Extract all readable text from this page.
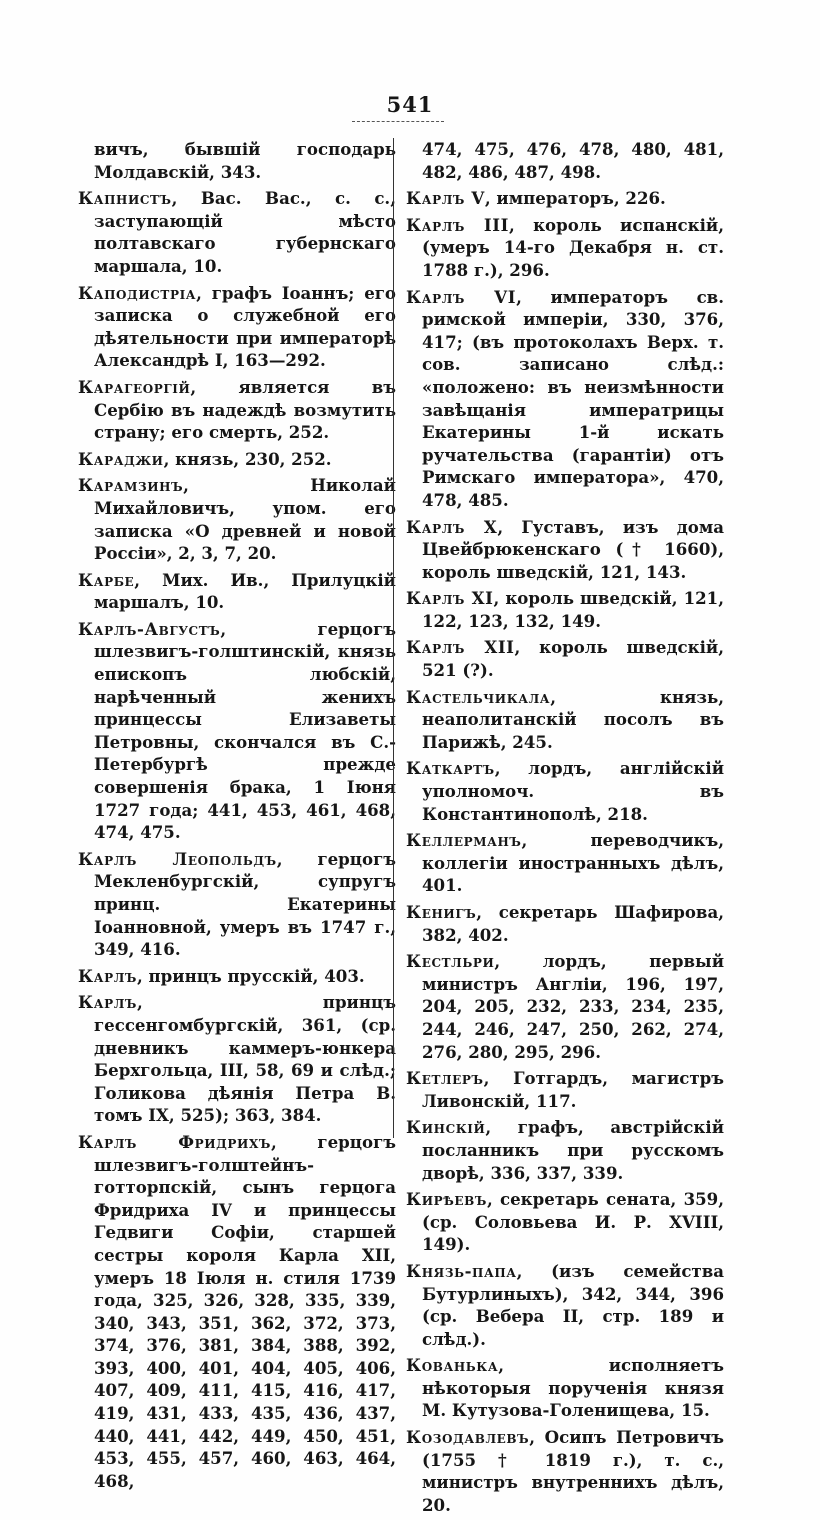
541

вичъ, бывшій господарь Молдавскій, 343.

Капнистъ, Вас. Вас., с. с., заступающій мѣсто полтавскаго губернскаго маршала, 10.

Каподистріа, графъ Іоаннъ; его записка о служебной его дѣятельности при императорѣ Александрѣ I, 163—292.

Карагеоргій, является въ Сербію въ надеждѣ возмутить страну; его смерть, 252.

Караджи, князь, 230, 252.

Карамзинъ, Николай Михайловичъ, упом. его записка «О древней и новой Россіи», 2, 3, 7, 20.

Карбе, Мих. Ив., Прилуцкій маршалъ, 10.

Карлъ-Августъ, герцогъ шлезвигъ-голштинскій, князь епископъ любскій, нарѣченный женихъ принцессы Елизаветы Петровны, скончался въ С.-Петербургѣ прежде совершенія брака, 1 Іюня 1727 года; 441, 453, 461, 468, 474, 475.

Карлъ Леопольдъ, герцогъ Мекленбургскій, супругъ принц. Екатерины Іоанновной, умеръ въ 1747 г., 349, 416.

Карлъ, принцъ прусскій, 403.

Карлъ, принцъ гессенгомбургскій, 361, (ср. дневникъ каммеръ-юнкера Берхгольца, III, 58, 69 и слѣд.; Голикова дѣянія Петра В. томъ IX, 525); 363, 384.

Карлъ Фридрихъ, герцогъ шлезвигъ-голштейнъ-готторпскій, сынъ герцога Фридриха IV и принцессы Гедвиги Софіи, старшей сестры короля Карла XII, умеръ 18 Іюля н. стиля 1739 года, 325, 326, 328, 335, 339, 340, 343, 351, 362, 372, 373, 374, 376, 381, 384, 388, 392, 393, 400, 401, 404, 405, 406, 407, 409, 411, 415, 416, 417, 419, 431, 433, 435, 436, 437, 440, 441, 442, 449, 450, 451, 453, 455, 457, 460, 463, 464, 468,

474, 475, 476, 478, 480, 481, 482, 486, 487, 498.

Карлъ V, императоръ, 226.

Карлъ III, король испанскій, (умеръ 14-го Декабря н. ст. 1788 г.), 296.

Карлъ VI, императоръ св. римской имперіи, 330, 376, 417; (въ протоколахъ Верх. т. сов. записано слѣд.: «положено: въ неизмѣнности завѣщанія императрицы Екатерины 1-й искать ручательства (гарантіи) отъ Римскаго императора», 470, 478, 485.

Карлъ X, Густавъ, изъ дома Цвейбрюкенскаго († 1660), король шведскій, 121, 143.

Карлъ XI, король шведскій, 121, 122, 123, 132, 149.

Карлъ XII, король шведскій, 521 (?).

Кастельчикала, князь, неаполитанскій посолъ въ Парижѣ, 245.

Каткартъ, лордъ, англійскій уполномоч. въ Константинополѣ, 218.

Келлерманъ, переводчикъ, коллегіи иностранныхъ дѣлъ, 401.

Кенигъ, секретарь Шафирова, 382, 402.

Кестльри, лордъ, первый министръ Англіи, 196, 197, 204, 205, 232, 233, 234, 235, 244, 246, 247, 250, 262, 274, 276, 280, 295, 296.

Кетлеръ, Готгардъ, магистръ Ливонскій, 117.

Кинскій, графъ, австрійскій посланникъ при русскомъ дворѣ, 336, 337, 339.

Кирѣевъ, секретарь сената, 359, (ср. Соловьева И. Р. XVIII, 149).

Князь-папа, (изъ семейства Бутурлиныхъ), 342, 344, 396 (ср. Вебера II, стр. 189 и слѣд.).

Кованька, исполняетъ нѣкоторыя порученія князя М. Кутузова-Голенищева, 15.

Козодавлевъ, Осипъ Петровичъ (1755 † 1819 г.), т. с., министръ внутреннихъ дѣлъ, 20.
